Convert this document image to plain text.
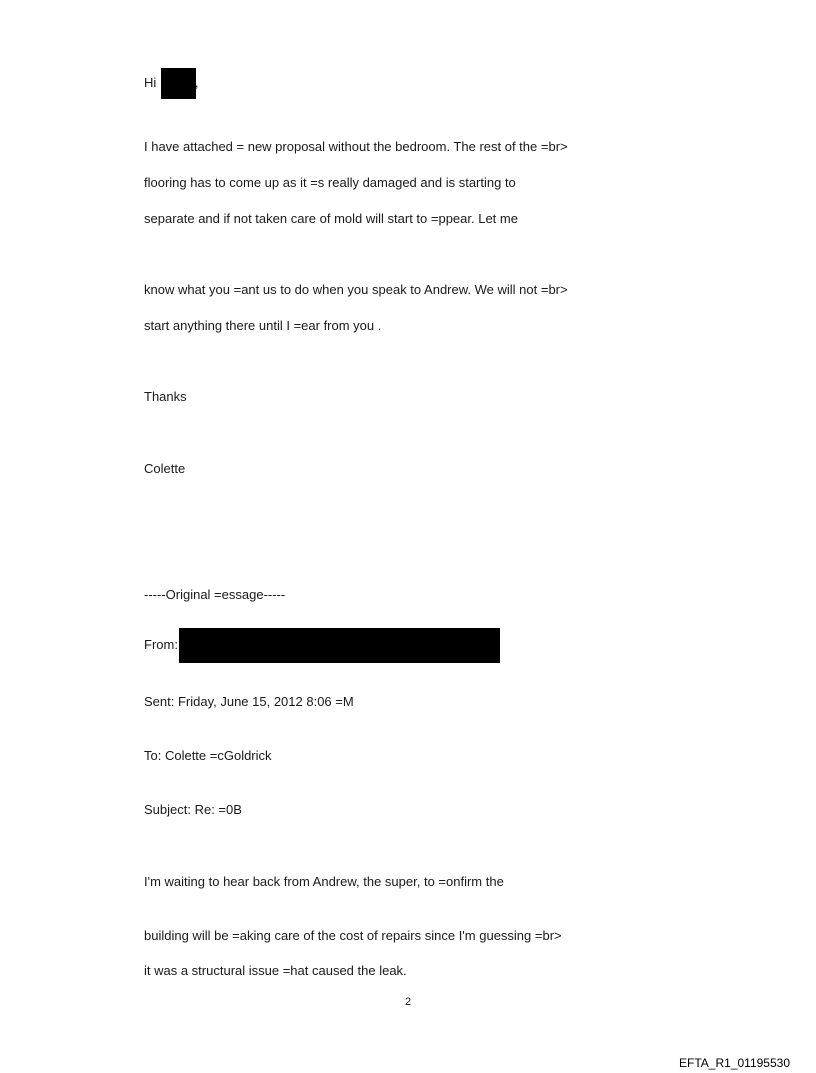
Hi	,
I have attached = new proposal without the bedroom. The rest of the =br>
flooring has to come up as it =s really damaged and is starting to
separate and if not taken care of mold will start to =ppear. Let me
know what you =ant us to do when you speak to Andrew. We will not =br>
start anything there until I =ear from you .
Thanks
Colette
-----Original =essage-----
From:
Sent: Friday, June 15, 2012 8:06 =M
To: Colette =cGoldrick
Subject: Re: =0B
I'm waiting to hear back from Andrew, the super, to =onfirm the
building will be =aking care of the cost of repairs since I'm guessing =br>
it was a structural issue =hat caused the leak.
2
EFTA_R1_01195530
